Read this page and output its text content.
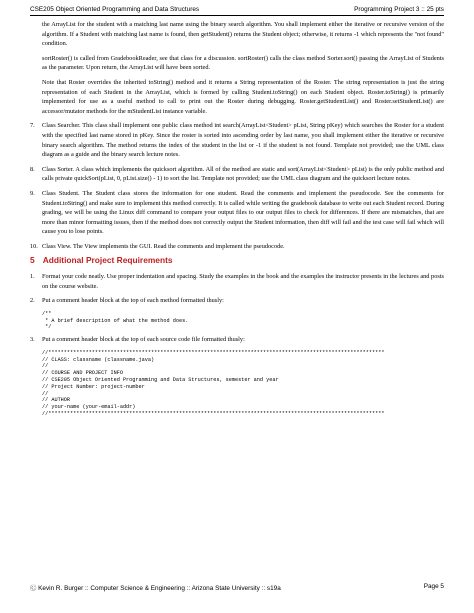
CSE205 Object Oriented Programming and Data Structures	Programming Project 3 :: 25 pts

the ArrayList for the student with a matching last name using the binary search algorithm. You shall implement either the iterative or recursive version of the algorithm. If a Student with matching last name is found, then getStudent() returns the Student object; otherwise, it returns -1 which represents the "not found" condition.

sortRoster() is called from GradebookReader, see that class for a discussion. sortRoster() calls the class method Sorter.sort() passing the ArrayList of Students as the parameter. Upon return, the ArrayList will have been sorted.

Note that Roster overrides the inherited toString() method and it returns a String representation of the Roster. The string representation is just the string representation of each Student in the ArrayList, which is formed by calling Student.toString() on each Student object. Roster.toString() is primarily implemented for use as a useful method to call to print out the Roster during debugging. Roster.getStudentList() and Roster.setStudentList() are accessor/mutator methods for the mStudentList instance variable.

7.	Class Searcher. This class shall implement one public class method int search(ArrayList<Student> pList, String pKey) which searches the Roster for a student with the specified last name stored in pKey. Since the roster is sorted into ascending order by last name, you shall implement either the iterative or recursive binary search algorithm. The method returns the index of the student in the list or -1 if the student is not found. Template not provided; use the UML class diagram as a guide and the binary search lecture notes.
8.	Class Sorter. A class which implements the quicksort algorithm. All of the method are static and sort(ArrayList<Student> pList) is the only public method and calls private quickSort(pList, 0, pList.size() - 1) to sort the list. Template not provided; use the UML class diagram and the quicksort lecture notes.
9.	Class Student. The Student class stores the information for one student. Read the comments and implement the pseudocode. See the comments for Student.toString() and make sure to implement this method correctly. It is called while writing the gradebook database to write out each Student record. During grading, we will be using the Linux diff command to compare your output files to our output files to check for differences. If there are mismatches, that are more than minor formatting issues, then if the method does not correctly output the Student information, then diff will fail and the test case will fail which will cause you to lose points.
10. Class View. The View implements the GUI. Read the comments and implement the pseudocode.
5 Additional Project Requirements
1.	Format your code neatly. Use proper indentation and spacing. Study the examples in the book and the examples the instructor presents in the lectures and posts on the course website.
2.	Put a comment header block at the top of each method formatted thusly:
/**
* A brief description of what the method does.
*/
3.	Put a comment header block at the top of each source code file formatted thusly:
//************************************************************************************************************
// CLASS: classname (classname.java)
//
// COURSE AND PROJECT INFO
// CSE205 Object Oriented Programming and Data Structures, semester and year
// Project Number: project-number
//
// AUTHOR
// your-name (your-email-addr)
//************************************************************************************************************
Ⓒ Kevin R. Burger :: Computer Science & Engineering :: Arizona State University :: s19a	Page 5
